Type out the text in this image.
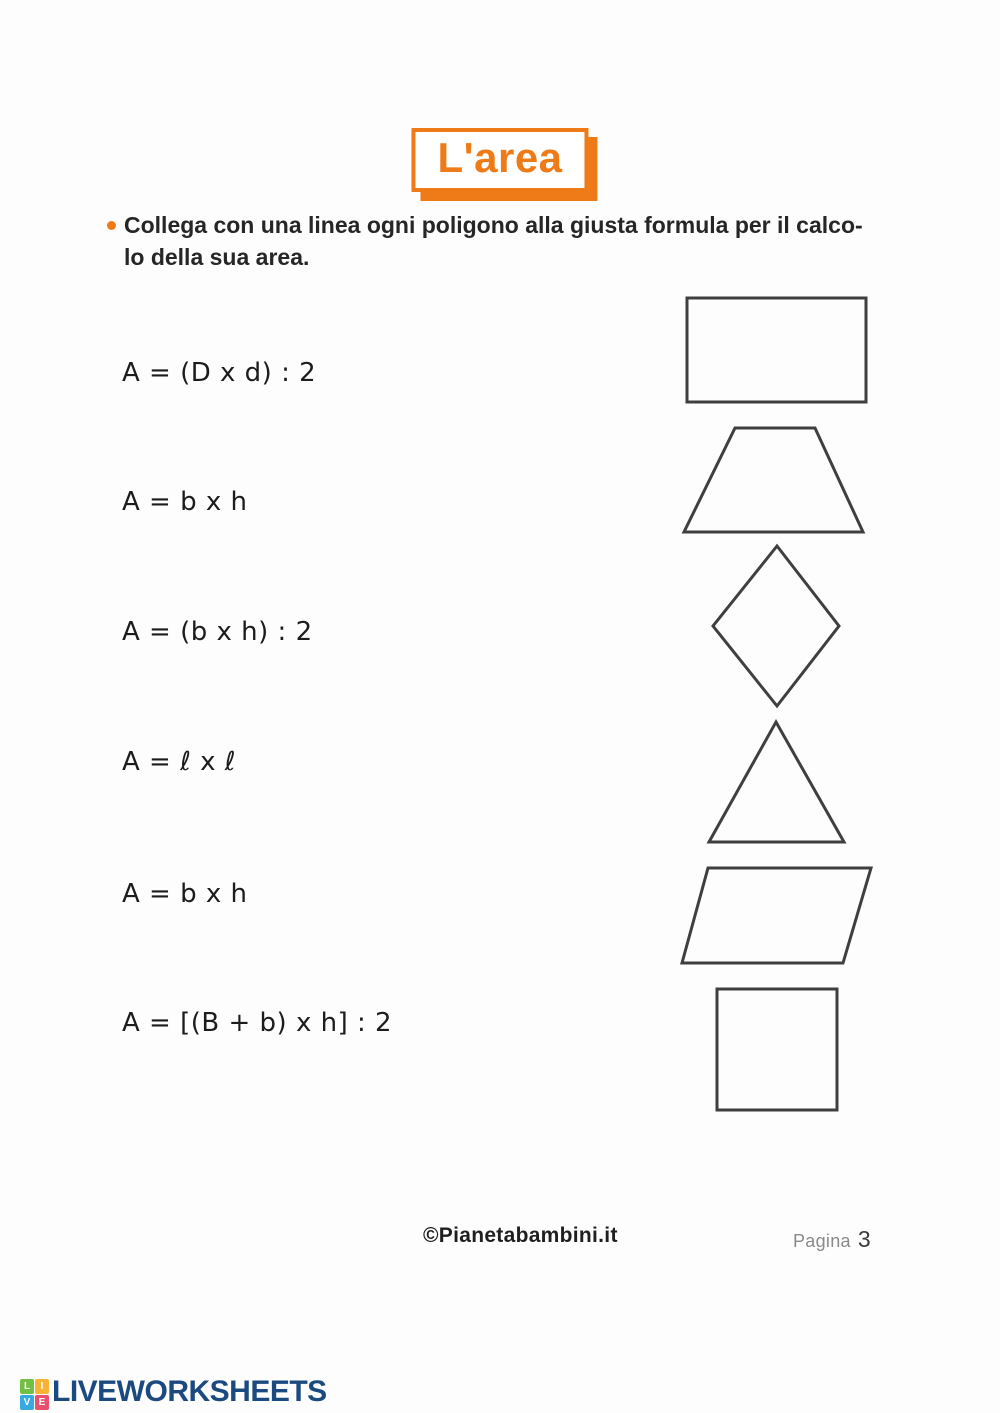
L'area
Collega con una linea ogni poligono alla giusta formula per il calco-
lo della sua area.
A = (D x d) : 2
A = b x h
A = (b x h) : 2
A = ℓ x ℓ
A = b x h
A = [(B + b) x h] : 2
©Pianetabambini.it	Pagina 3
L	I
V E LIVEWORKSHEETS
